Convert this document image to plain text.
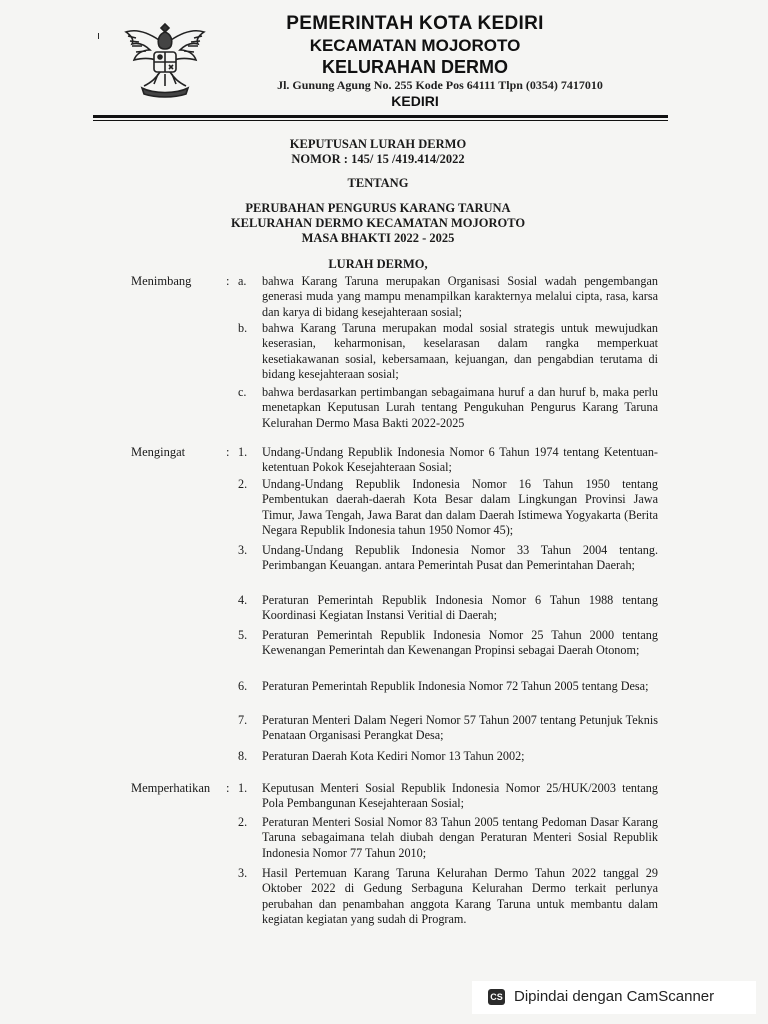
ı
PEMERINTAH KOTA KEDIRI
KECAMATAN MOJOROTO
KELURAHAN DERMO
Jl. Gunung Agung No. 255 Kode Pos 64111 Tlpn (0354) 7417010
KEDIRI
KEPUTUSAN LURAH DERMO
NOMOR : 145/ 15 /419.414/2022
TENTANG
PERUBAHAN PENGURUS KARANG TARUNA
KELURAHAN DERMO KECAMATAN MOJOROTO
MASA BHAKTI 2022 - 2025
LURAH DERMO,
Menimbang	: a.	bahwa Karang Taruna merupakan Organisasi Sosial wadah pengembangan generasi muda yang mampu menampilkan karakternya melalui cipta, rasa, karsa dan karya di bidang kesejahteraan sosial;
b.	bahwa Karang Taruna merupakan modal sosial strategis untuk mewujudkan keserasian, keharmonisan, keselarasan dalam rangka memperkuat kesetiakawanan sosial, kebersamaan, kejuangan, dan pengabdian terutama di bidang kesejahteraan sosial;
c.	bahwa berdasarkan pertimbangan sebagaimana huruf a dan huruf b, maka perlu menetapkan Keputusan Lurah tentang Pengukuhan Pengurus Karang Taruna Kelurahan Dermo Masa Bakti 2022-2025
Mengingat	: 1.	Undang-Undang Republik Indonesia Nomor 6 Tahun 1974 tentang Ketentuan-ketentuan Pokok Kesejahteraan Sosial;
2.	Undang-Undang Republik Indonesia Nomor 16 Tahun 1950 tentang Pembentukan daerah-daerah Kota Besar dalam Lingkungan Provinsi Jawa Timur, Jawa Tengah, Jawa Barat dan dalam Daerah Istimewa Yogyakarta (Berita Negara Republik Indonesia tahun 1950 Nomor 45);
3.	Undang-Undang Republik Indonesia Nomor 33 Tahun 2004 tentang. Perimbangan Keuangan. antara Pemerintah Pusat dan Pemerintahan Daerah;
4.	Peraturan Pemerintah Republik Indonesia Nomor 6 Tahun 1988 tentang Koordinasi Kegiatan Instansi Veritial di Daerah;
5.	Peraturan Pemerintah Republik Indonesia Nomor 25 Tahun 2000 tentang Kewenangan Pemerintah dan Kewenangan Propinsi sebagai Daerah Otonom;
6.	Peraturan Pemerintah Republik Indonesia Nomor 72 Tahun 2005 tentang Desa;
7.	Peraturan Menteri Dalam Negeri Nomor 57 Tahun 2007 tentang Petunjuk Teknis Penataan Organisasi Perangkat Desa;
8.	Peraturan Daerah Kota Kediri Nomor 13 Tahun 2002;
Memperhatikan : 1.	Keputusan Menteri Sosial Republik Indonesia Nomor 25/HUK/2003 tentang Pola Pembangunan Kesejahteraan Sosial;
2.	Peraturan Menteri Sosial Nomor 83 Tahun 2005 tentang Pedoman Dasar Karang Taruna sebagaimana telah diubah dengan Peraturan Menteri Sosial Republik Indonesia Nomor 77 Tahun 2010;
3.	Hasil Pertemuan Karang Taruna Kelurahan Dermo Tahun 2022 tanggal 29 Oktober 2022 di Gedung Serbaguna Kelurahan Dermo terkait perlunya perubahan dan penambahan anggota Karang Taruna untuk membantu dalam kegiatan kegiatan yang sudah di Program.
CS Dipindai dengan CamScanner
